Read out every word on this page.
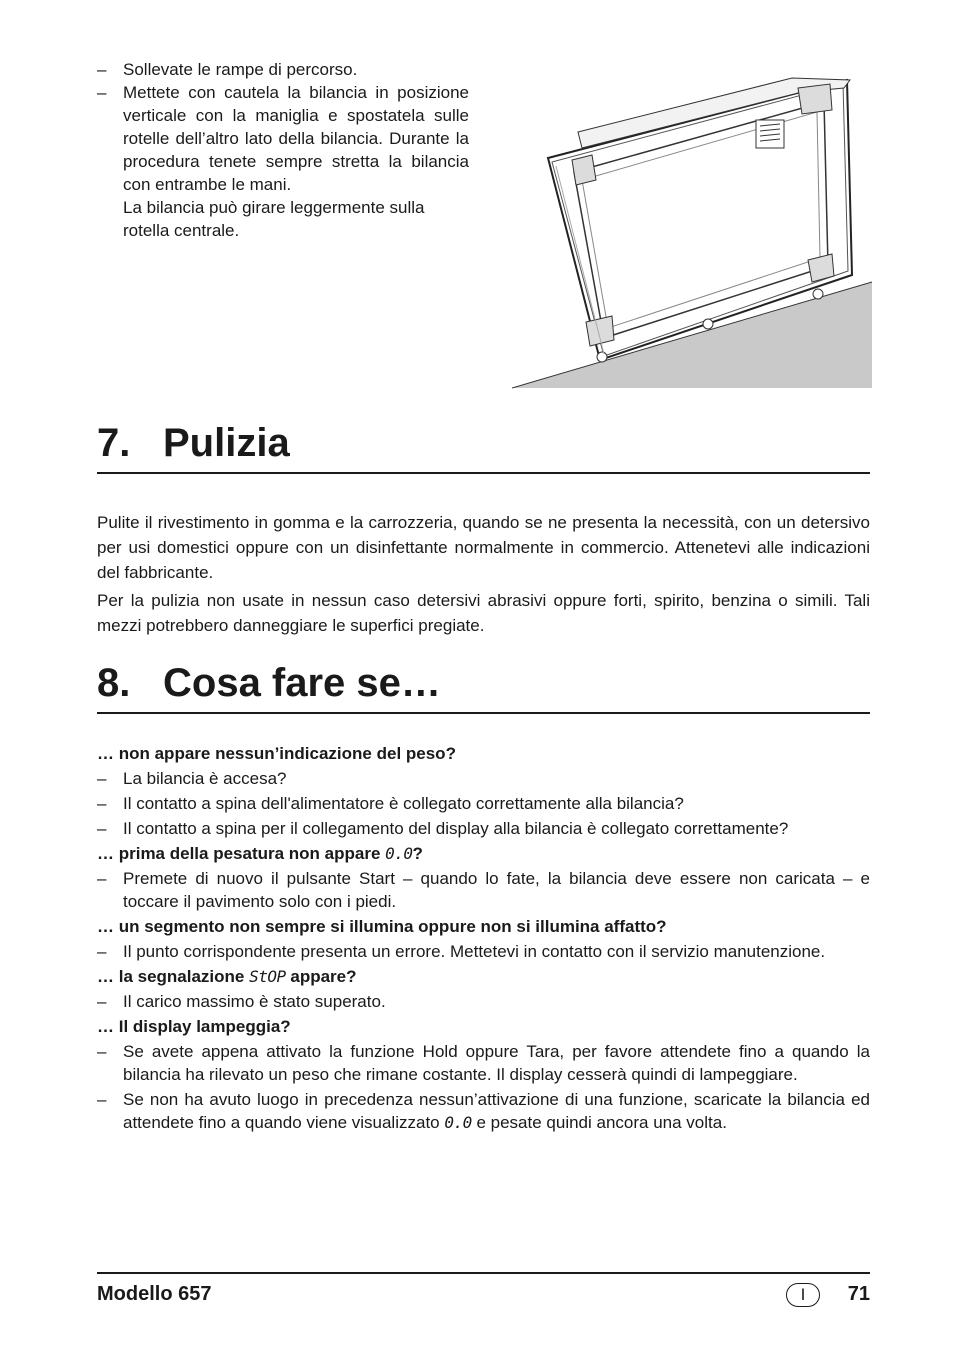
– Sollevate le rampe di percorso.
– Mettete con cautela la bilancia in posizione verticale con la maniglia e spostatela sulle rotelle dell’altro lato della bilancia. Durante la procedura tenete sempre stretta la bilancia con entrambe le mani.
La bilancia può girare leggermente sulla rotella centrale.
7. Pulizia

Pulite il rivestimento in gomma e la carrozzeria, quando se ne presenta la necessità, con un detersivo per usi domestici oppure con un disinfettante normalmente in commercio. Attenetevi alle indicazioni del fabbricante.

Per la pulizia non usate in nessun caso detersivi abrasivi oppure forti, spirito, benzina o simili. Tali mezzi potrebbero danneggiare le superfici pregiate.

8. Cosa fare se…
… non appare nessun’indicazione del peso?
– La bilancia è accesa?
– Il contatto a spina dell'alimentatore è collegato correttamente alla bilancia?
– Il contatto a spina per il collegamento del display alla bilancia è collegato correttamente?
… prima della pesatura non appare 0.0?
– Premete di nuovo il pulsante Start – quando lo fate, la bilancia deve essere non caricata – e toccare il pavimento solo con i piedi.
… un segmento non sempre si illumina oppure non si illumina affatto?
– Il punto corrispondente presenta un errore. Mettetevi in contatto con il servizio manutenzione.
… la segnalazione StOP appare?
– Il carico massimo è stato superato.
… Il display lampeggia?
– Se avete appena attivato la funzione Hold oppure Tara, per favore attendete fino a quando la bilancia ha rilevato un peso che rimane costante. Il display cesserà quindi di lampeggiare.
– Se non ha avuto luogo in precedenza nessun’attivazione di una funzione, scaricate la bilancia ed attendete fino a quando viene visualizzato 0.0 e pesate quindi ancora una volta.
Modello 657	I	71
